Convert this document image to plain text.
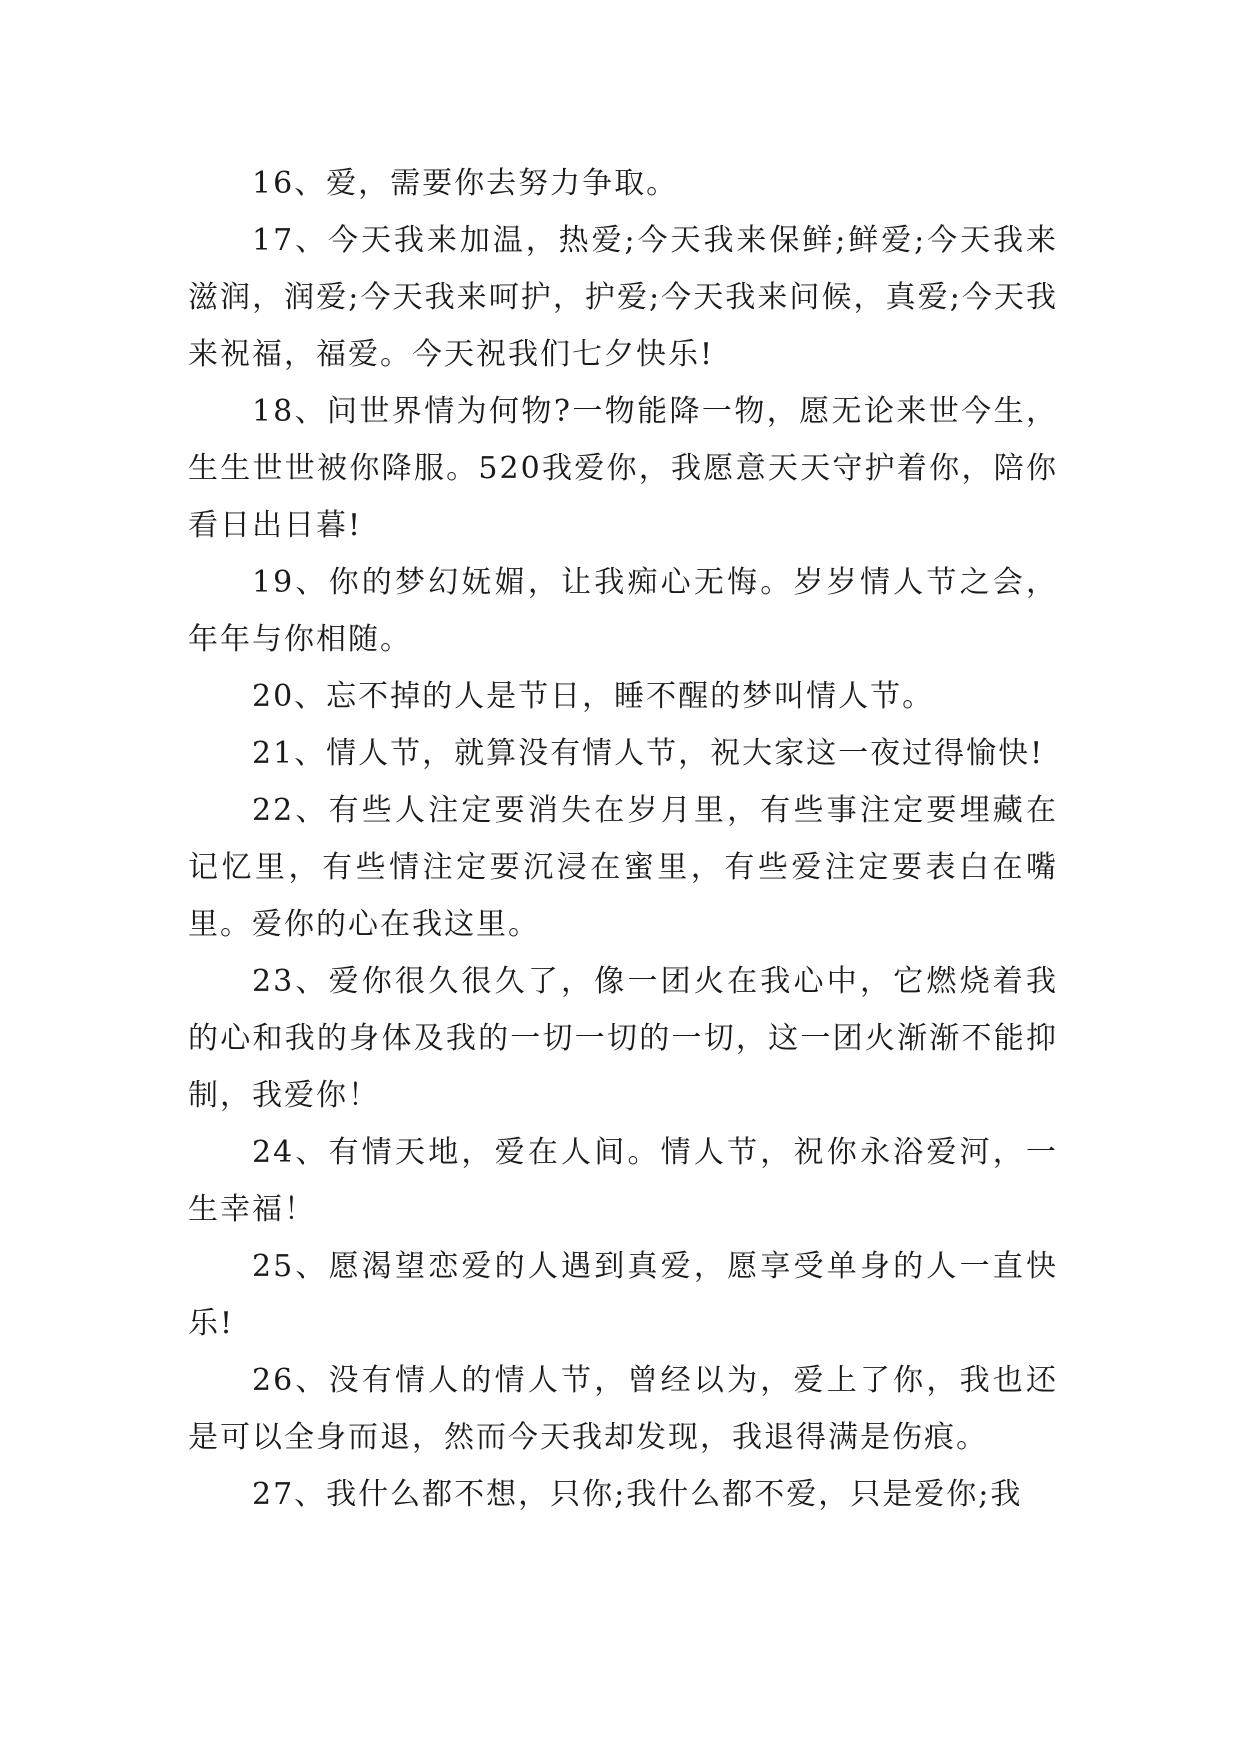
16、爱，需要你去努力争取。

17、今天我来加温，热爱;今天我来保鲜;鲜爱;今天我来滋润，润爱;今天我来呵护，护爱;今天我来问候，真爱;今天我来祝福，福爱。今天祝我们七夕快乐!

18、问世界情为何物?一物能降一物，愿无论来世今生，生生世世被你降服。520我爱你，我愿意天天守护着你，陪你看日出日暮!

19、你的梦幻妩媚，让我痴心无悔。岁岁情人节之会，年年与你相随。

20、忘不掉的人是节日，睡不醒的梦叫情人节。

21、情人节，就算没有情人节，祝大家这一夜过得愉快!

22、有些人注定要消失在岁月里，有些事注定要埋藏在记忆里，有些情注定要沉浸在蜜里，有些爱注定要表白在嘴里。爱你的心在我这里。

23、爱你很久很久了，像一团火在我心中，它燃烧着我的心和我的身体及我的一切一切的一切，这一团火渐渐不能抑制，我爱你！

24、有情天地，爱在人间。情人节，祝你永浴爱河，一生幸福！

25、愿渴望恋爱的人遇到真爱，愿享受单身的人一直快乐!

26、没有情人的情人节，曾经以为，爱上了你，我也还是可以全身而退，然而今天我却发现，我退得满是伤痕。

27、我什么都不想，只你;我什么都不爱，只是爱你;我
